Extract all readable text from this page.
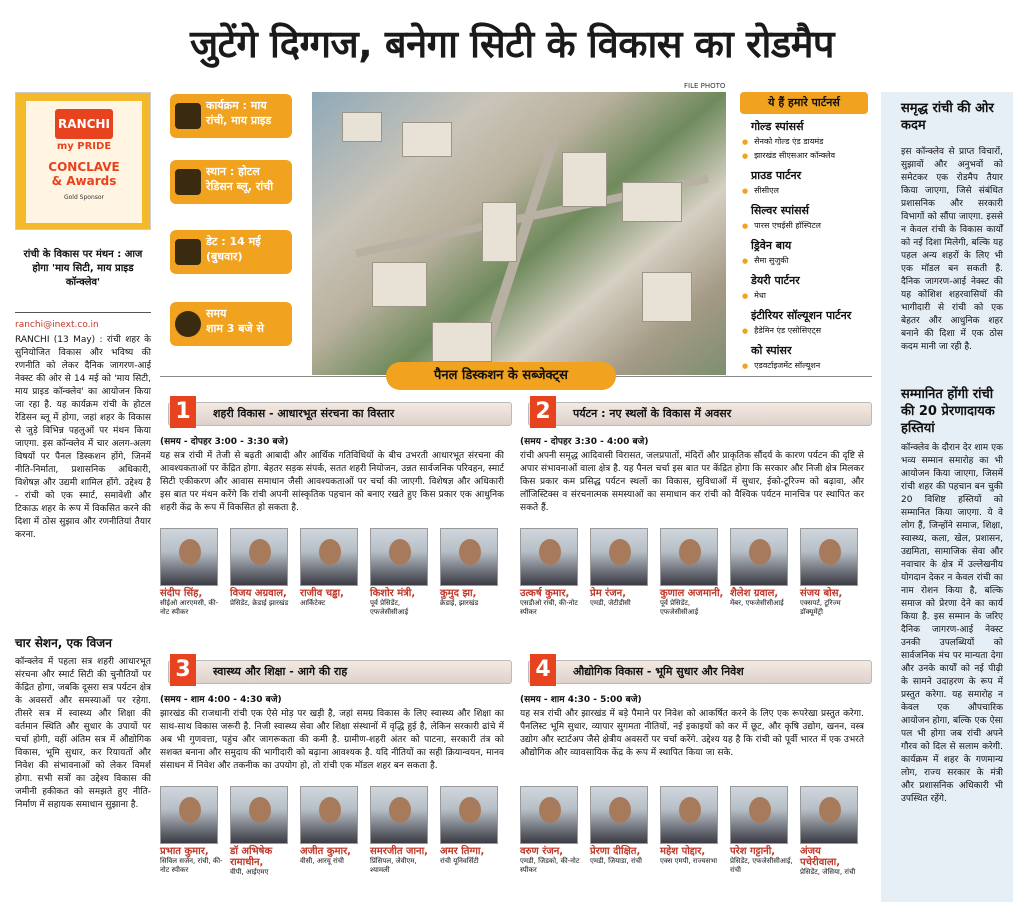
जुटेंगे दिग्गज, बनेगा सिटी के विकास का रोडमैप
FILE PHOTO
RANCHI
my PRIDE
CONCLAVE
& Awards
Gold Sponsor
रांची के विकास पर मंथन : आज होगा 'माय सिटी, माय प्राइड कॉन्क्लेव'
ranchi@inext.co.in
RANCHI (13 May) : रांची शहर के सुनियोजित विकास और भविष्य की रणनीति को लेकर दैनिक जागरण-आई नेक्स्ट की ओर से 14 मई को 'माय सिटी, माय प्राइड कॉन्क्लेव' का आयोजन किया जा रहा है. यह कार्यक्रम रांची के होटल रेडिसन ब्लू में होगा, जहां शहर के विकास से जुड़े विभिन्न पहलुओं पर मंथन किया जाएगा. इस कॉन्क्लेव में चार अलग-अलग विषयों पर पैनल डिस्कशन होंगे, जिनमें नीति-निर्माता, प्रशासनिक अधिकारी, विशेषज्ञ और उद्यमी शामिल होंगे. उद्देश्य है - रांची को एक स्मार्ट, समावेशी और टिकाऊ शहर के रूप में विकसित करने की दिशा में ठोस सुझाव और रणनीतियां तैयार करना.
चार सेशन, एक विजन
कॉन्क्लेव में पहला सत्र शहरी आधारभूत संरचना और स्मार्ट सिटी की चुनौतियों पर केंद्रित होगा, जबकि दूसरा सत्र पर्यटन क्षेत्र के अवसरों और समस्याओं पर रहेगा. तीसरे सत्र में स्वास्थ्य और शिक्षा की वर्तमान स्थिति और सुधार के उपायों पर चर्चा होगी, वहीं अंतिम सत्र में औद्योगिक विकास, भूमि सुधार, कर रियायतों और निवेश की संभावनाओं को लेकर विमर्श होगा. सभी सत्रों का उद्देश्य विकास की जमीनी हकीकत को समझते हुए नीति-निर्माण में सहायक समाधान सुझाना है.
कार्यक्रम : माय
रांची, माय प्राइड
स्थान : होटल
रेडिसन ब्लू, रांची
डेट : 14 मई
(बुधवार)
समय
शाम 3 बजे से
ये हैं हमारे पार्टनर्स
गोल्ड स्पांसर्स
● सेनको गोल्ड एंड डायमंड
● झारखंड सीएसआर कॉन्क्लेव
प्राउड पार्टनर
● सीसीएल
सिल्वर स्पांसर्स
● पारस एचईसी हॉस्पिटल
ड्रिवेन बाय
● सैमा सुजुकी
डेयरी पार्टनर
● मेधा
इंटीरियर सॉल्यूशन पार्टनर
● हैडेमिन एंड एसोसिएट्स
को स्पांसर
● एडवर्टाइजमेंट सॉल्यूशन
समृद्ध रांची की ओर कदम
इस कॉन्क्लेव से प्राप्त विचारों, सुझावों और अनुभवों को समेटकर एक रोडमैप तैयार किया जाएगा, जिसे संबंधित प्रशासनिक और सरकारी विभागों को सौंपा जाएगा. इससे न केवल रांची के विकास कार्यों को नई दिशा मिलेगी, बल्कि यह पहल अन्य शहरों के लिए भी एक मॉडल बन सकती है. दैनिक जागरण-आई नेक्स्ट की यह कोशिश शहरवासियों की भागीदारी से रांची को एक बेहतर और आधुनिक शहर बनाने की दिशा में एक ठोस कदम मानी जा रही है.
सम्मानित होंगी रांची की 20 प्रेरणादायक हस्तियां
कॉन्क्लेव के दौरान देर शाम एक भव्य सम्मान समारोह का भी आयोजन किया जाएगा, जिसमें रांची शहर की पहचान बन चुकी 20 विशिष्ट हस्तियों को सम्मानित किया जाएगा. ये वे लोग हैं, जिन्होंने समाज, शिक्षा, स्वास्थ्य, कला, खेल, प्रशासन, उद्यमिता, सामाजिक सेवा और नवाचार के क्षेत्र में उल्लेखनीय योगदान देकर न केवल रांची का नाम रोशन किया है, बल्कि समाज को प्रेरणा देने का कार्य किया है. इस सम्मान के जरिए दैनिक जागरण-आई नेक्स्ट उनकी उपलब्धियों को सार्वजनिक मंच पर मान्यता देगा और उनके कार्यों को नई पीढ़ी के सामने उदाहरण के रूप में प्रस्तुत करेगा. यह समारोह न केवल एक औपचारिक आयोजन होगा, बल्कि एक ऐसा पल भी होगा जब रांची अपने गौरव को दिल से सलाम करेगी. कार्यक्रम में शहर के गणमान्य लोग, राज्य सरकार के मंत्री और प्रशासनिक अधिकारी भी उपस्थित रहेंगे.
पैनल डिस्कशन के सब्जेक्ट्स
शहरी विकास - आधारभूत संरचना का विस्तार
1
(समय - दोपहर 3:00 - 3:30 बजे)
यह सत्र रांची में तेजी से बढ़ती आबादी और आर्थिक गतिविधियों के बीच उभरती आधारभूत संरचना की आवश्यकताओं पर केंद्रित होगा. बेहतर सड़क संपर्क, सतत शहरी नियोजन, उन्नत सार्वजनिक परिवहन, स्मार्ट सिटी एकीकरण और आवास समाधान जैसी आवश्यकताओं पर चर्चा की जाएगी. विशेषज्ञ और अधिकारी इस बात पर मंथन करेंगे कि रांची अपनी सांस्कृतिक पहचान को बनाए रखते हुए किस प्रकार एक आधुनिक शहरी केंद्र के रूप में विकसित हो सकता है.
संदीप सिंह,
सीईओ आरएमसी, की-नोट स्पीकर
विजय अग्रवाल,
प्रेसिडेंट, क्रेडाई झारखंड
राजीव चड्ढा,
आर्किटेक्ट
किशोर मंत्री,
पूर्व प्रेसिडेंट, एफजेसीसीआई
कुमुद झा,
क्रेडाई, झारखंड
पर्यटन : नए स्थलों के विकास में अवसर
2
(समय - दोपहर 3:30 - 4:00 बजे)
रांची अपनी समृद्ध आदिवासी विरासत, जलप्रपातों, मंदिरों और प्राकृतिक सौंदर्य के कारण पर्यटन की दृष्टि से अपार संभावनाओं वाला क्षेत्र है. यह पैनल चर्चा इस बात पर केंद्रित होगा कि सरकार और निजी क्षेत्र मिलकर किस प्रकार कम प्रसिद्ध पर्यटन स्थलों का विकास, सुविधाओं में सुधार, ईको-टूरिज्म को बढ़ावा, और लॉजिस्टिक्स व संरचनात्मक समस्याओं का समाधान कर रांची को वैश्विक पर्यटन मानचित्र पर स्थापित कर सकते हैं.
उत्कर्ष कुमार,
एसडीओ रांची, की-नोट स्पीकर
प्रेम रंजन,
एमडी, जेटीडीसी
कुणाल अजमानी,
पूर्व प्रेसिडेंट, एफजेसीसीआई
शैलेश ग्रवाल,
मेंबर, एफजेसीसीआई
संजय बोस,
एक्सपर्ट, टूरिज्म डॉक्यूमेंट्री
स्वास्थ्य और शिक्षा - आगे की राह
3
(समय - शाम 4:00 - 4:30 बजे)
झारखंड की राजधानी रांची एक ऐसे मोड़ पर खड़ी है, जहां समग्र विकास के लिए स्वास्थ्य और शिक्षा का साथ-साथ विकास जरूरी है. निजी स्वास्थ्य सेवा और शिक्षा संस्थानों में वृद्धि हुई है, लेकिन सरकारी ढांचे में अब भी गुणवत्ता, पहुंच और जागरूकता की कमी है. ग्रामीण-शहरी अंतर को पाटना, सरकारी तंत्र को सशक्त बनाना और समुदाय की भागीदारी को बढ़ाना आवश्यक है. यदि नीतियों का सही क्रियान्वयन, मानव संसाधन में निवेश और तकनीक का उपयोग हो, तो रांची एक मॉडल शहर बन सकता है.
प्रभात कुमार,
सिविल सर्जन, रांची, की-नोट स्पीकर
डॉ अभिषेक रामाधीन,
वीपी, आईएमए
अजीत कुमार,
वीसी, आरयू रांची
समरजीत जाना,
प्रिंसिपल, जेवीएम, श्यामली
अमर तिग्गा,
रांची यूनिवर्सिटी
औद्योगिक विकास - भूमि सुधार और निवेश
4
(समय - शाम 4:30 - 5:00 बजे)
यह सत्र रांची और झारखंड में बड़े पैमाने पर निवेश को आकर्षित करने के लिए एक रूपरेखा प्रस्तुत करेगा. पैनलिस्ट भूमि सुधार, व्यापार सुगमता नीतियों, नई इकाइयों को कर में छूट, और कृषि उद्योग, खनन, वस्त्र उद्योग और स्टार्टअप जैसे क्षेत्रीय अवसरों पर चर्चा करेंगे. उद्देश्य यह है कि रांची को पूर्वी भारत में एक उभरते औद्योगिक और व्यावसायिक केंद्र के रूप में स्थापित किया जा सके.
वरुण रंजन,
एमडी, जिडको, की-नोट स्पीकर
प्रेरणा दीक्षित,
एमडी, जियाडा, रांची
महेश पोद्दार,
एक्स एमपी, राज्यसभा
परेश गट्टानी,
प्रेसिडेंट, एफजेसीसीआई, रांची
अंजय पचेरीवाला,
प्रेसिडेंट, जेसिया, रांची
